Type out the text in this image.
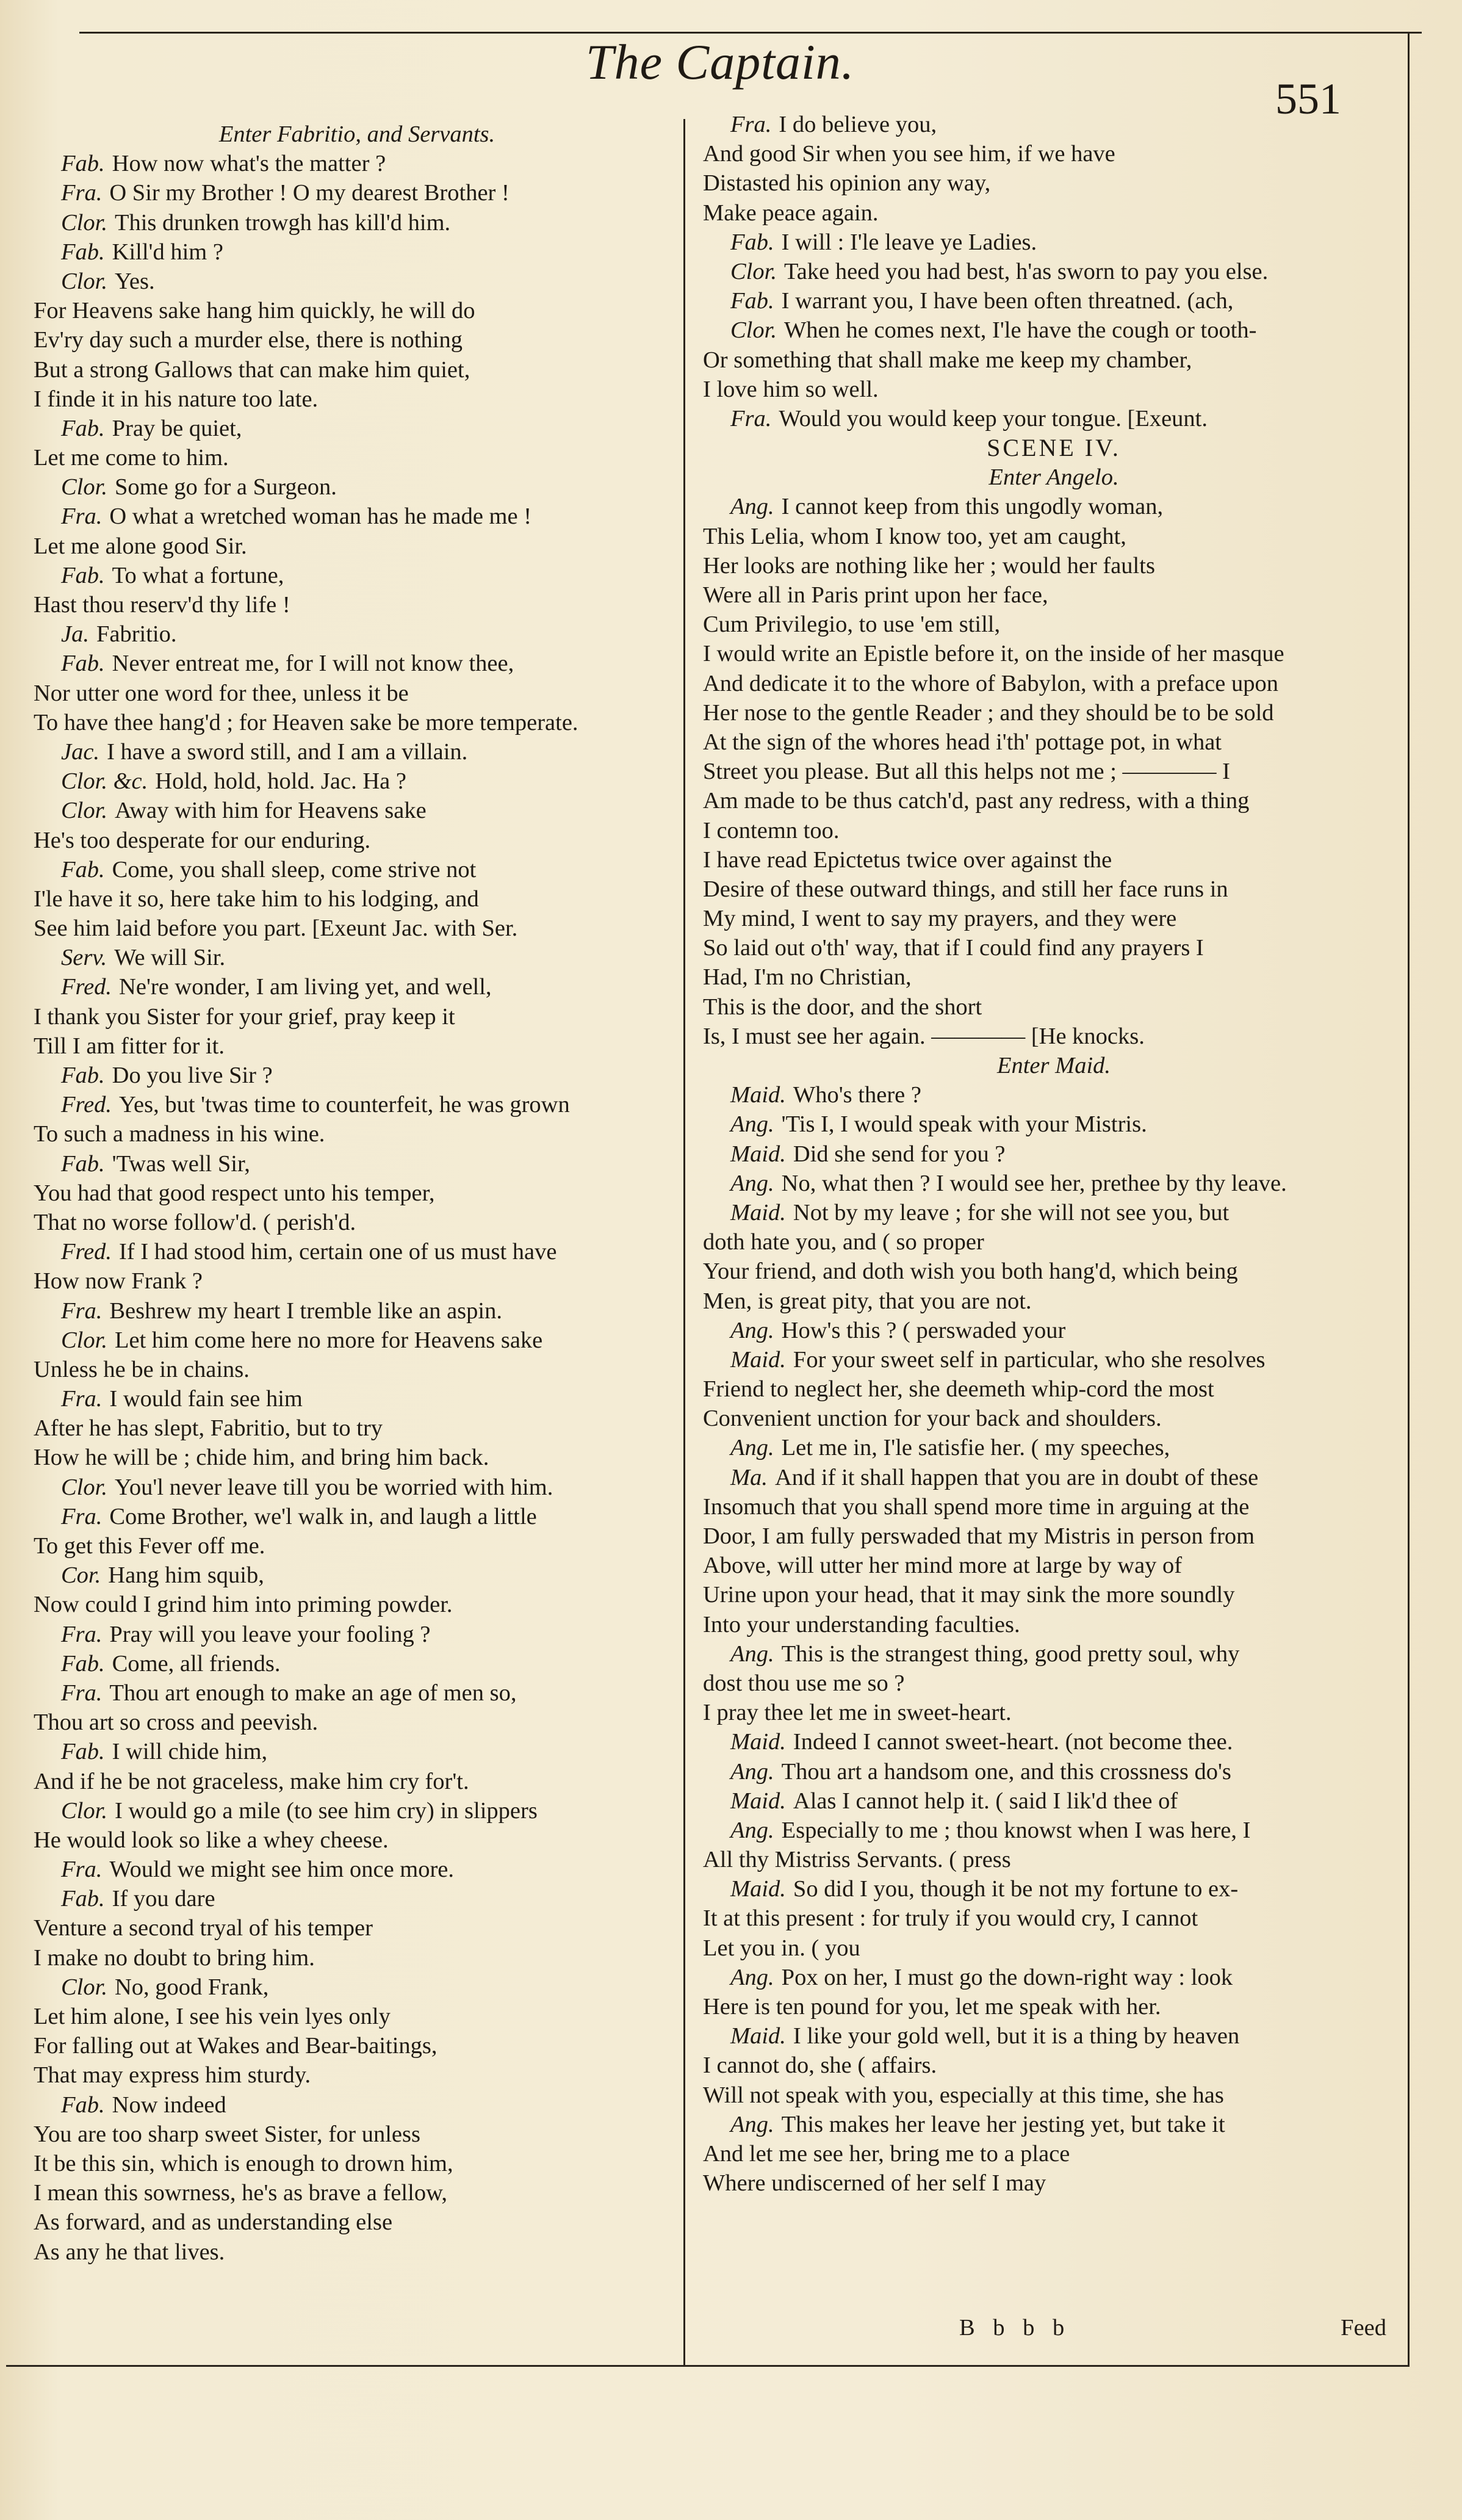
The Captain.
551
Enter Fabritio, and Servants.
Fab. How now what's the matter ?
Fra. O Sir my Brother ! O my dearest Brother !
Clor. This drunken trowgh has kill'd him.
Fab. Kill'd him ?
Clor. Yes.
For Heavens sake hang him quickly, he will do
Ev'ry day such a murder else, there is nothing
But a strong Gallows that can make him quiet,
I finde it in his nature too late.
Fab. Pray be quiet,
Let me come to him.
Clor. Some go for a Surgeon.
Fra. O what a wretched woman has he made me !
Let me alone good Sir.
Fab. To what a fortune,
Hast thou reserv'd thy life !
Ja. Fabritio.
Fab. Never entreat me, for I will not know thee,
Nor utter one word for thee, unless it be
To have thee hang'd ; for Heaven sake be more temperate.
Jac. I have a sword still, and I am a villain.
Clor. &c. Hold, hold, hold. Jac. Ha ?
Clor. Away with him for Heavens sake
He's too desperate for our enduring.
Fab. Come, you shall sleep, come strive not
I'le have it so, here take him to his lodging, and
See him laid before you part. [Exeunt Jac. with Ser.
Serv. We will Sir.
Fred. Ne're wonder, I am living yet, and well,
I thank you Sister for your grief, pray keep it
Till I am fitter for it.
Fab. Do you live Sir ?
Fred. Yes, but 'twas time to counterfeit, he was grown
To such a madness in his wine.
Fab. 'Twas well Sir,
You had that good respect unto his temper,
That no worse follow'd. ( perish'd.
Fred. If I had stood him, certain one of us must have
How now Frank ?
Fra. Beshrew my heart I tremble like an aspin.
Clor. Let him come here no more for Heavens sake
Unless he be in chains.
Fra. I would fain see him
After he has slept, Fabritio, but to try
How he will be ; chide him, and bring him back.
Clor. You'l never leave till you be worried with him.
Fra. Come Brother, we'l walk in, and laugh a little
To get this Fever off me.
Cor. Hang him squib,
Now could I grind him into priming powder.
Fra. Pray will you leave your fooling ?
Fab. Come, all friends.
Fra. Thou art enough to make an age of men so,
Thou art so cross and peevish.
Fab. I will chide him,
And if he be not graceless, make him cry for't.
Clor. I would go a mile (to see him cry) in slippers
He would look so like a whey cheese.
Fra. Would we might see him once more.
Fab. If you dare
Venture a second tryal of his temper
I make no doubt to bring him.
Clor. No, good Frank,
Let him alone, I see his vein lyes only
For falling out at Wakes and Bear-baitings,
That may express him sturdy.
Fab. Now indeed
You are too sharp sweet Sister, for unless
It be this sin, which is enough to drown him,
I mean this sowrness, he's as brave a fellow,
As forward, and as understanding else
As any he that lives.
Fra. I do believe you,
And good Sir when you see him, if we have
Distasted his opinion any way,
Make peace again.
Fab. I will : I'le leave ye Ladies.
Clor. Take heed you had best, h'as sworn to pay you else.
Fab. I warrant you, I have been often threatned. (ach,
Clor. When he comes next, I'le have the cough or tooth-
Or something that shall make me keep my chamber,
I love him so well.
Fra. Would you would keep your tongue. [Exeunt.
SCENE IV.
Enter Angelo.
Ang. I cannot keep from this ungodly woman,
This Lelia, whom I know too, yet am caught,
Her looks are nothing like her ; would her faults
Were all in Paris print upon her face,
Cum Privilegio, to use 'em still,
I would write an Epistle before it, on the inside of her masque
And dedicate it to the whore of Babylon, with a preface upon
Her nose to the gentle Reader ; and they should be to be sold
At the sign of the whores head i'th' pottage pot, in what
Street you please. But all this helps not me ; ———— I
Am made to be thus catch'd, past any redress, with a thing
I contemn too.
I have read Epictetus twice over against the
Desire of these outward things, and still her face runs in
My mind, I went to say my prayers, and they were
So laid out o'th' way, that if I could find any prayers I
Had, I'm no Christian,
This is the door, and the short
Is, I must see her again. ———— [He knocks.
Enter Maid.
Maid. Who's there ?
Ang. 'Tis I, I would speak with your Mistris.
Maid. Did she send for you ?
Ang. No, what then ? I would see her, prethee by thy leave.
Maid. Not by my leave ; for she will not see you, but
doth hate you, and ( so proper
Your friend, and doth wish you both hang'd, which being
Men, is great pity, that you are not.
Ang. How's this ? ( perswaded your
Maid. For your sweet self in particular, who she resolves
Friend to neglect her, she deemeth whip-cord the most
Convenient unction for your back and shoulders.
Ang. Let me in, I'le satisfie her. ( my speeches,
Ma. And if it shall happen that you are in doubt of these
Insomuch that you shall spend more time in arguing at the
Door, I am fully perswaded that my Mistris in person from
Above, will utter her mind more at large by way of
Urine upon your head, that it may sink the more soundly
Into your understanding faculties.
Ang. This is the strangest thing, good pretty soul, why
dost thou use me so ?
I pray thee let me in sweet-heart.
Maid. Indeed I cannot sweet-heart. (not become thee.
Ang. Thou art a handsom one, and this crossness do's
Maid. Alas I cannot help it. ( said I lik'd thee of
Ang. Especially to me ; thou knowst when I was here, I
All thy Mistriss Servants. ( press
Maid. So did I you, though it be not my fortune to ex-
It at this present : for truly if you would cry, I cannot
Let you in. ( you
Ang. Pox on her, I must go the down-right way : look
Here is ten pound for you, let me speak with her.
Maid. I like your gold well, but it is a thing by heaven
I cannot do, she ( affairs.
Will not speak with you, especially at this time, she has
Ang. This makes her leave her jesting yet, but take it
And let me see her, bring me to a place
Where undiscerned of her self I may
B b b b	Feed
